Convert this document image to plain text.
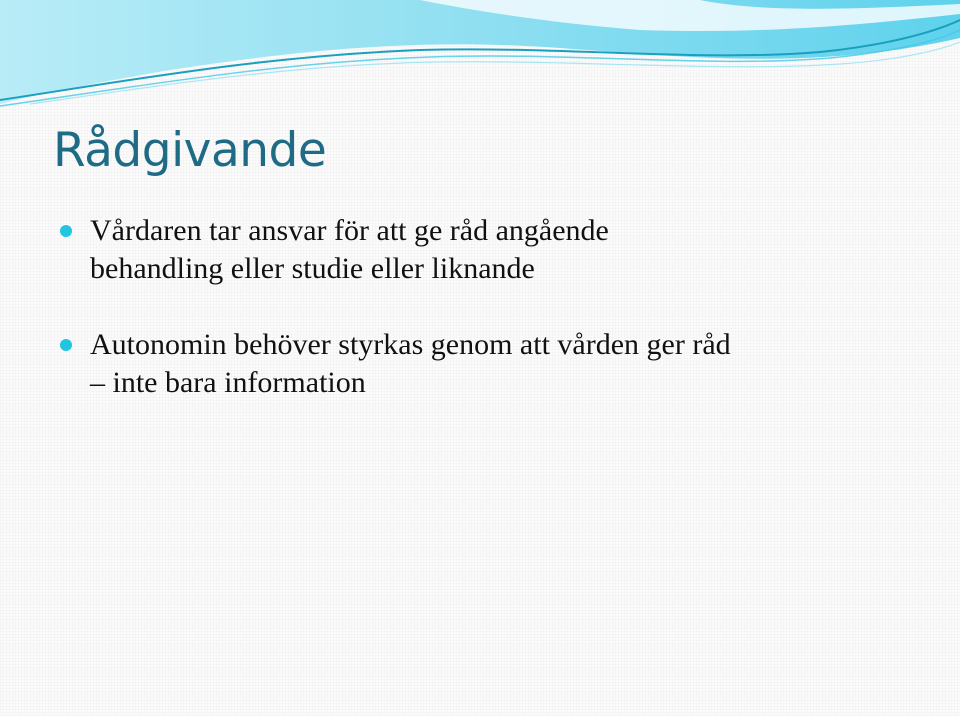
Rådgivande
Vårdaren tar ansvar för att ge råd angående
behandling eller studie eller liknande
Autonomin behöver styrkas genom att vården ger råd
– inte bara information
